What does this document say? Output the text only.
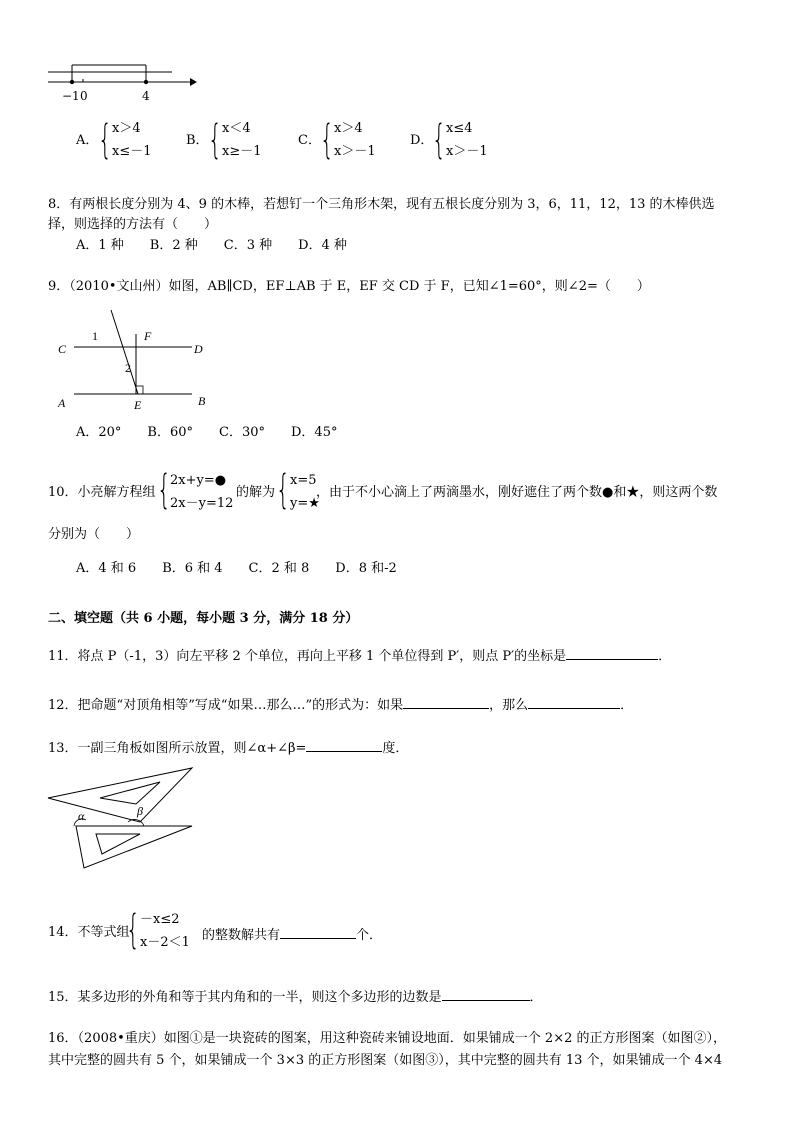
−1 0	4
A． { x＞4
x≤－1
B． { x＜4
x≥－1
C． { x＞4
x＞－1
D．
{ x≤4
x＞－1
8．有两根长度分别为 4、9 的木棒，若想钉一个三角形木架，现有五根长度分别为 3，6，11，12，13 的木棒供选
择，则选择的方法有（　　）
A．1 种　　B．2 种　　C．3 种　　D．4 种
9．（2010•文山州）如图，AB∥CD，EF⊥AB 于 E，EF 交 CD 于 F，已知∠1=60°，则∠2=（　　）
C	D
A	B
E
F
1
2
A．20°　　B．60°　　C．30°　　D．45°
10．小亮解方程组 { 2x+y=●
2x－y=12
的解为 { x=5
y=★
，由于不小心滴上了两滴墨水，刚好遮住了两个数●和★，则这两个数
分别为（　　）
A．4 和 6　　B．6 和 4　　C．2 和 8　　D．8 和-2
二、填空题（共 6 小题，每小题 3 分，满分 18 分）
11．将点 P（-1，3）向左平移 2 个单位，再向上平移 1 个单位得到 P′，则点 P′的坐标是	．
12．把命题“对顶角相等”写成“如果…那么…”的形式为：如果	，那么	．
13．一副三角板如图所示放置，则∠α+∠β=	度．
α	β
14．不等式组
{ －x≤2
x－2＜1 的整数解共有	个．
15．某多边形的外角和等于其内角和的一半，则这个多边形的边数是	．
16．（2008•重庆）如图①是一块瓷砖的图案，用这种瓷砖来铺设地面．如果铺成一个 2×2 的正方形图案（如图②），
其中完整的圆共有 5 个，如果铺成一个 3×3 的正方形图案（如图③），其中完整的圆共有 13 个，如果铺成一个 4×4
